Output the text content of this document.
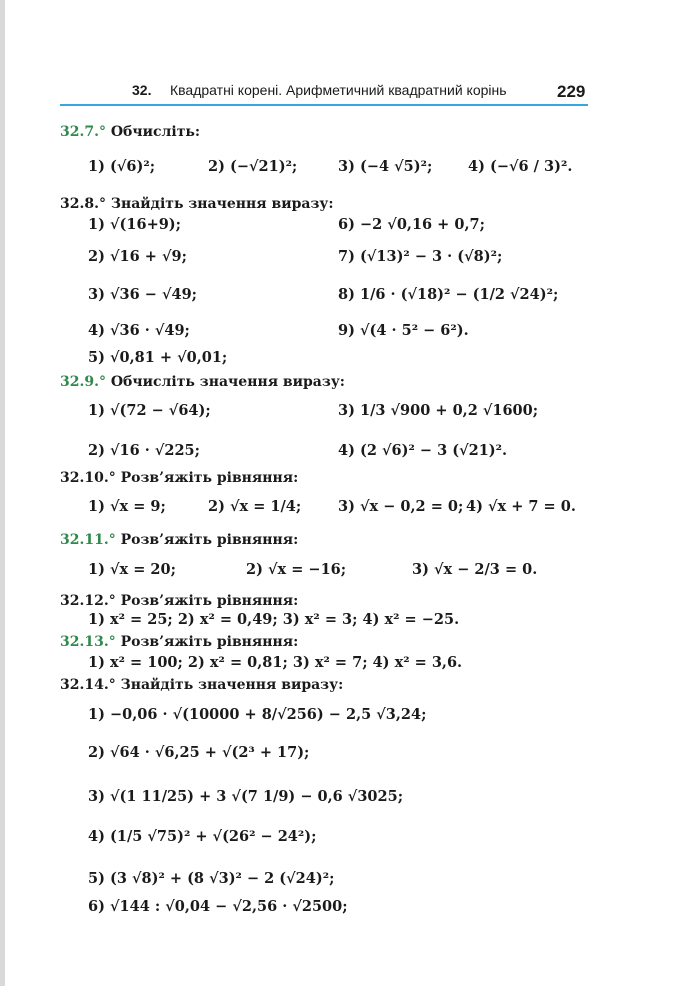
32. Квадратні корені. Арифметичний квадратний корінь	229
32.7.° Обчисліть:
1) (√6)²;	2) (−√21)²;	3) (−4 √5)²; 4) (−√6 / 3)².
32.8.° Знайдіть значення виразу:
1) √(16+9);	6) −2 √0,16 + 0,7;
2) √16 + √9;	7) (√13)² − 3 · (√8)²;
3) √36 − √49;	8) 1/6 · (√18)² − (1/2 √24)²;
4) √36 · √49;	9) √(4 · 5² − 6²).
5) √0,81 + √0,01;
32.9.° Обчисліть значення виразу:
1) √(72 − √64);	3) 1/3 √900 + 0,2 √1600;
2) √16 · √225;	4) (2 √6)² − 3 (√21)².
32.10.° Розв’яжіть рівняння:
1) √x = 9;	2) √x = 1/4;	3) √x − 0,2 = 0; 4) √x + 7 = 0.
32.11.° Розв’яжіть рівняння:
1) √x = 20;	2) √x = −16;	3) √x − 2/3 = 0.
32.12.° Розв’яжіть рівняння:
1) x² = 25; 2) x² = 0,49; 3) x² = 3; 4) x² = −25.
32.13.° Розв’яжіть рівняння:
1) x² = 100; 2) x² = 0,81; 3) x² = 7; 4) x² = 3,6.
32.14.° Знайдіть значення виразу:
1) −0,06 · √(10000 + 8/√256) − 2,5 √3,24;
2) √64 · √6,25 + √(2³ + 17);
3) √(1 11/25) + 3 √(7 1/9) − 0,6 √3025;
4) (1/5 √75)² + √(26² − 24²);
5) (3 √8)² + (8 √3)² − 2 (√24)²;
6) √144 : √0,04 − √2,56 · √2500;
